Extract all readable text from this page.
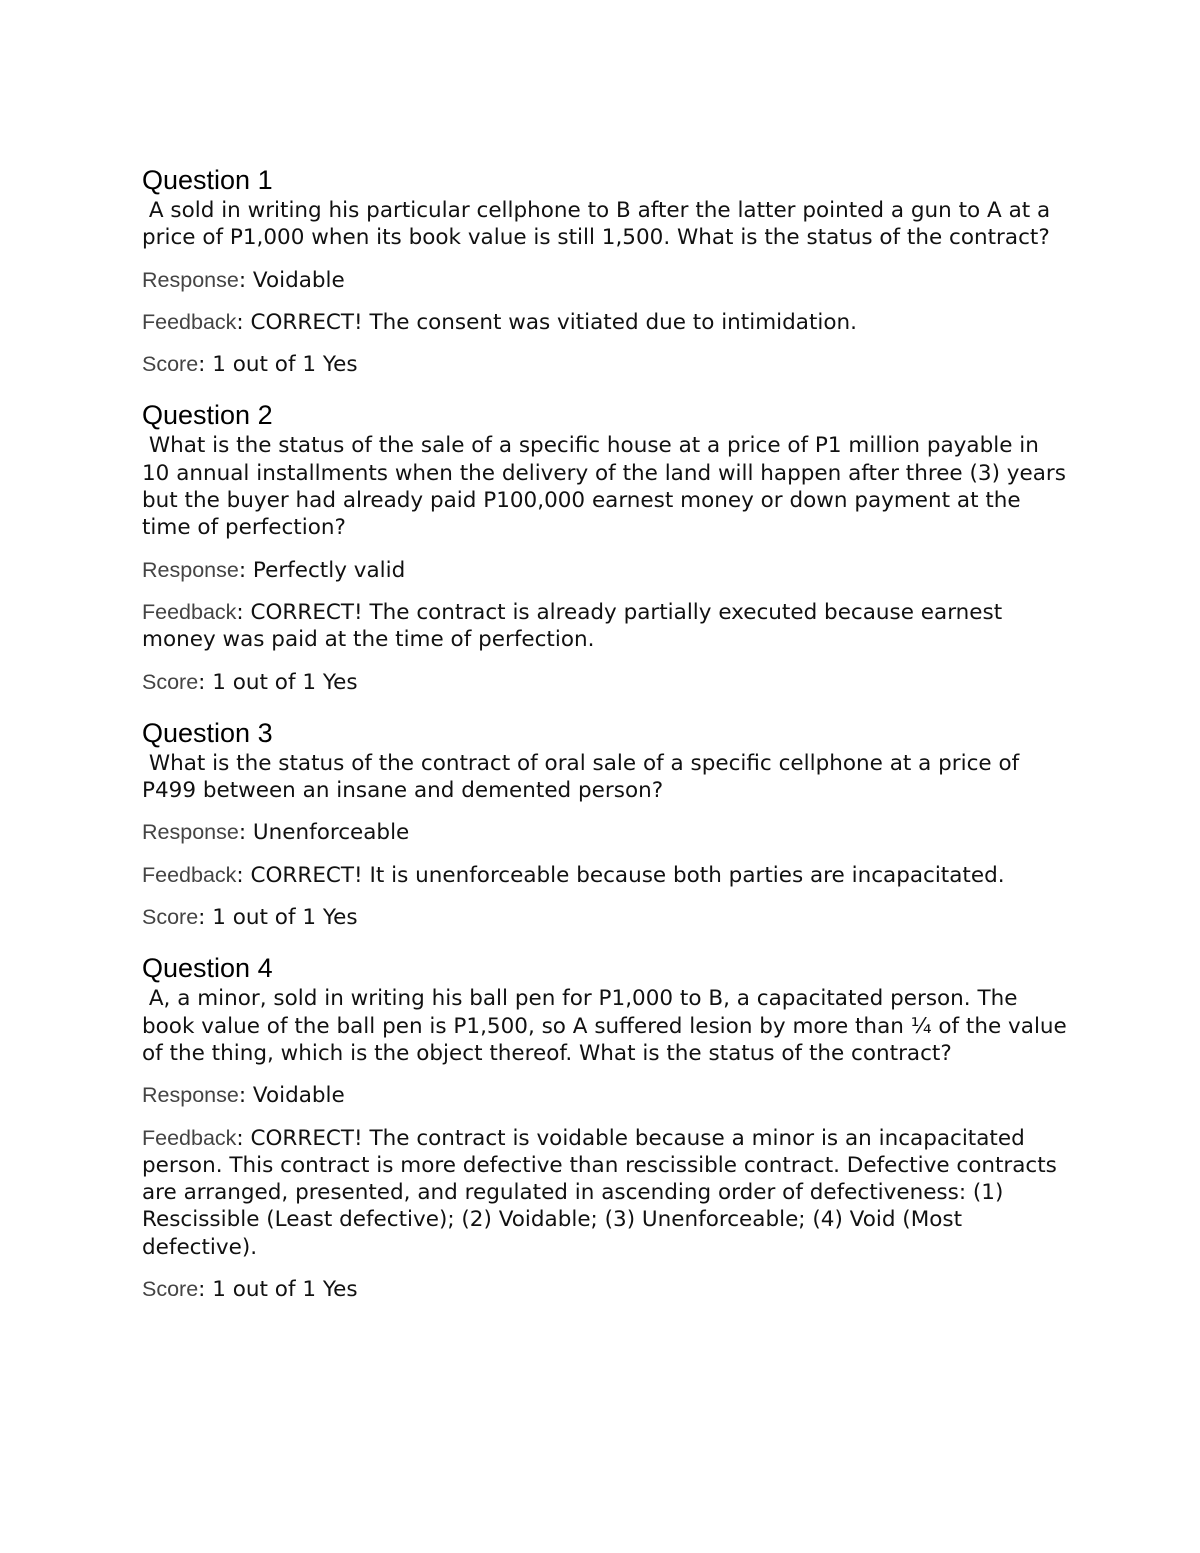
Question 1
A sold in writing his particular cellphone to B after the latter pointed a gun to A at a price of P1,000 when its book value is still 1,500. What is the status of the contract?
Response: Voidable
Feedback: CORRECT! The consent was vitiated due to intimidation.
Score: 1 out of 1 Yes
Question 2
What is the status of the sale of a specific house at a price of P1 million payable in 10 annual installments when the delivery of the land will happen after three (3) years but the buyer had already paid P100,000 earnest money or down payment at the time of perfection?
Response: Perfectly valid
Feedback: CORRECT! The contract is already partially executed because earnest money was paid at the time of perfection.
Score: 1 out of 1 Yes
Question 3
What is the status of the contract of oral sale of a specific cellphone at a price of P499 between an insane and demented person?
Response: Unenforceable
Feedback: CORRECT! It is unenforceable because both parties are incapacitated.
Score: 1 out of 1 Yes
Question 4
A, a minor, sold in writing his ball pen for P1,000 to B, a capacitated person. The book value of the ball pen is P1,500, so A suffered lesion by more than ¼ of the value of the thing, which is the object thereof. What is the status of the contract?
Response: Voidable
Feedback: CORRECT! The contract is voidable because a minor is an incapacitated person. This contract is more defective than rescissible contract. Defective contracts are arranged, presented, and regulated in ascending order of defectiveness: (1) Rescissible (Least defective); (2) Voidable; (3) Unenforceable; (4) Void (Most defective).
Score: 1 out of 1 Yes
